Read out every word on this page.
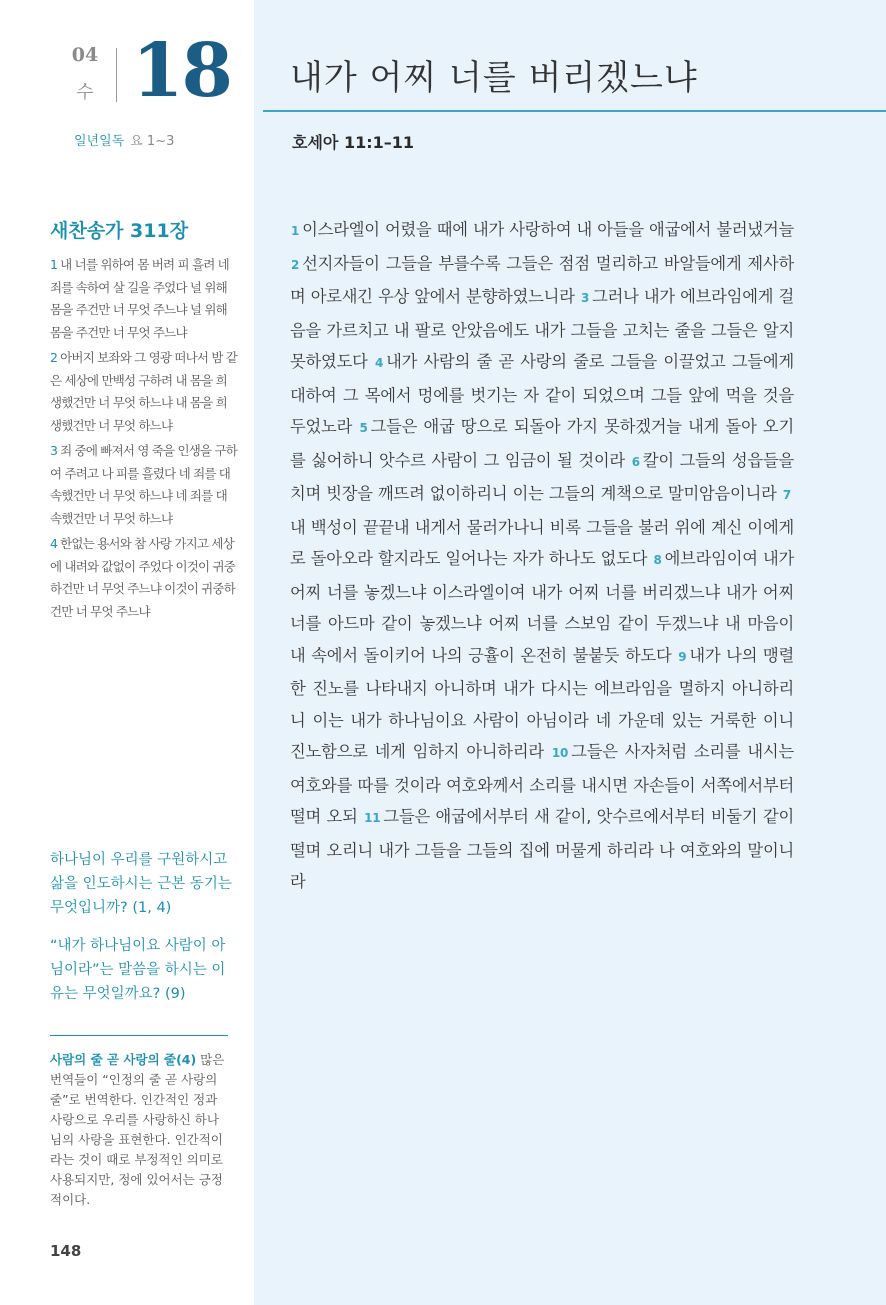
04
수 18
일년일독 요 1~3
새찬송가 311장

1 내 너를 위하여 몸 버려 피 흘려 네 죄를 속하여 살 길을 주었다 널 위해 몸을 주건만 너 무엇 주느냐 널 위해 몸을 주건만 너 무엇 주느냐

2 아버지 보좌와 그 영광 떠나서 밤 같은 세상에 만백성 구하려 내 몸을 희생했건만 너 무엇 하느냐 내 몸을 희생했건만 너 무엇 하느냐

3 죄 중에 빠져서 영 죽을 인생을 구하여 주려고 나 피를 흘렸다 네 죄를 대속했건만 너 무엇 하느냐 네 죄를 대속했건만 너 무엇 하느냐

4 한없는 용서와 참 사랑 가지고 세상에 내려와 값없이 주었다 이것이 귀중하건만 너 무엇 주느냐 이것이 귀중하건만 너 무엇 주느냐

하나님이 우리를 구원하시고 삶을 인도하시는 근본 동기는 무엇입니까? (1, 4)

“내가 하나님이요 사람이 아님이라”는 말씀을 하시는 이유는 무엇일까요? (9)

사람의 줄 곧 사랑의 줄(4) 많은 번역들이 “인정의 줄 곧 사랑의 줄”로 번역한다. 인간적인 정과 사랑으로 우리를 사랑하신 하나님의 사랑을 표현한다. 인간적이라는 것이 때로 부정적인 의미로 사용되지만, 정에 있어서는 긍정적이다.
148
내가 어찌 너를 버리겠느냐
호세아 11:1–11
1 이스라엘이 어렸을 때에 내가 사랑하여 내 아들을 애굽에서 불러냈거늘 2 선지자들이 그들을 부를수록 그들은 점점 멀리하고 바알들에게 제사하며 아로새긴 우상 앞에서 분향하였느니라 3 그러나 내가 에브라임에게 걸음을 가르치고 내 팔로 안았음에도 내가 그들을 고치는 줄을 그들은 알지 못하였도다 4 내가 사람의 줄 곧 사랑의 줄로 그들을 이끌었고 그들에게 대하여 그 목에서 멍에를 벗기는 자 같이 되었으며 그들 앞에 먹을 것을 두었노라 5 그들은 애굽 땅으로 되돌아 가지 못하겠거늘 내게 돌아 오기를 싫어하니 앗수르 사람이 그 임금이 될 것이라 6 칼이 그들의 성읍들을 치며 빗장을 깨뜨려 없이하리니 이는 그들의 계책으로 말미암음이니라 7내 백성이 끝끝내 내게서 물러가나니 비록 그들을 불러 위에 계신 이에게로 돌아오라 할지라도 일어나는 자가 하나도 없도다 8 에브라임이여 내가 어찌 너를 놓겠느냐 이스라엘이여 내가 어찌 너를 버리겠느냐 내가 어찌 너를 아드마 같이 놓겠느냐 어찌 너를 스보임 같이 두겠느냐 내 마음이 내 속에서 돌이키어 나의 긍휼이 온전히 불붙듯 하도다 9 내가 나의 맹렬한 진노를 나타내지 아니하며 내가 다시는 에브라임을 멸하지 아니하리니 이는 내가 하나님이요 사람이 아님이라 네 가운데 있는 거룩한 이니 진노함으로 네게 임하지 아니하리라 10 그들은 사자처럼 소리를 내시는 여호와를 따를 것이라 여호와께서 소리를 내시면 자손들이 서쪽에서부터 떨며 오되 11 그들은 애굽에서부터 새 같이, 앗수르에서부터 비둘기 같이 떨며 오리니 내가 그들을 그들의 집에 머물게 하리라 나 여호와의 말이니라
